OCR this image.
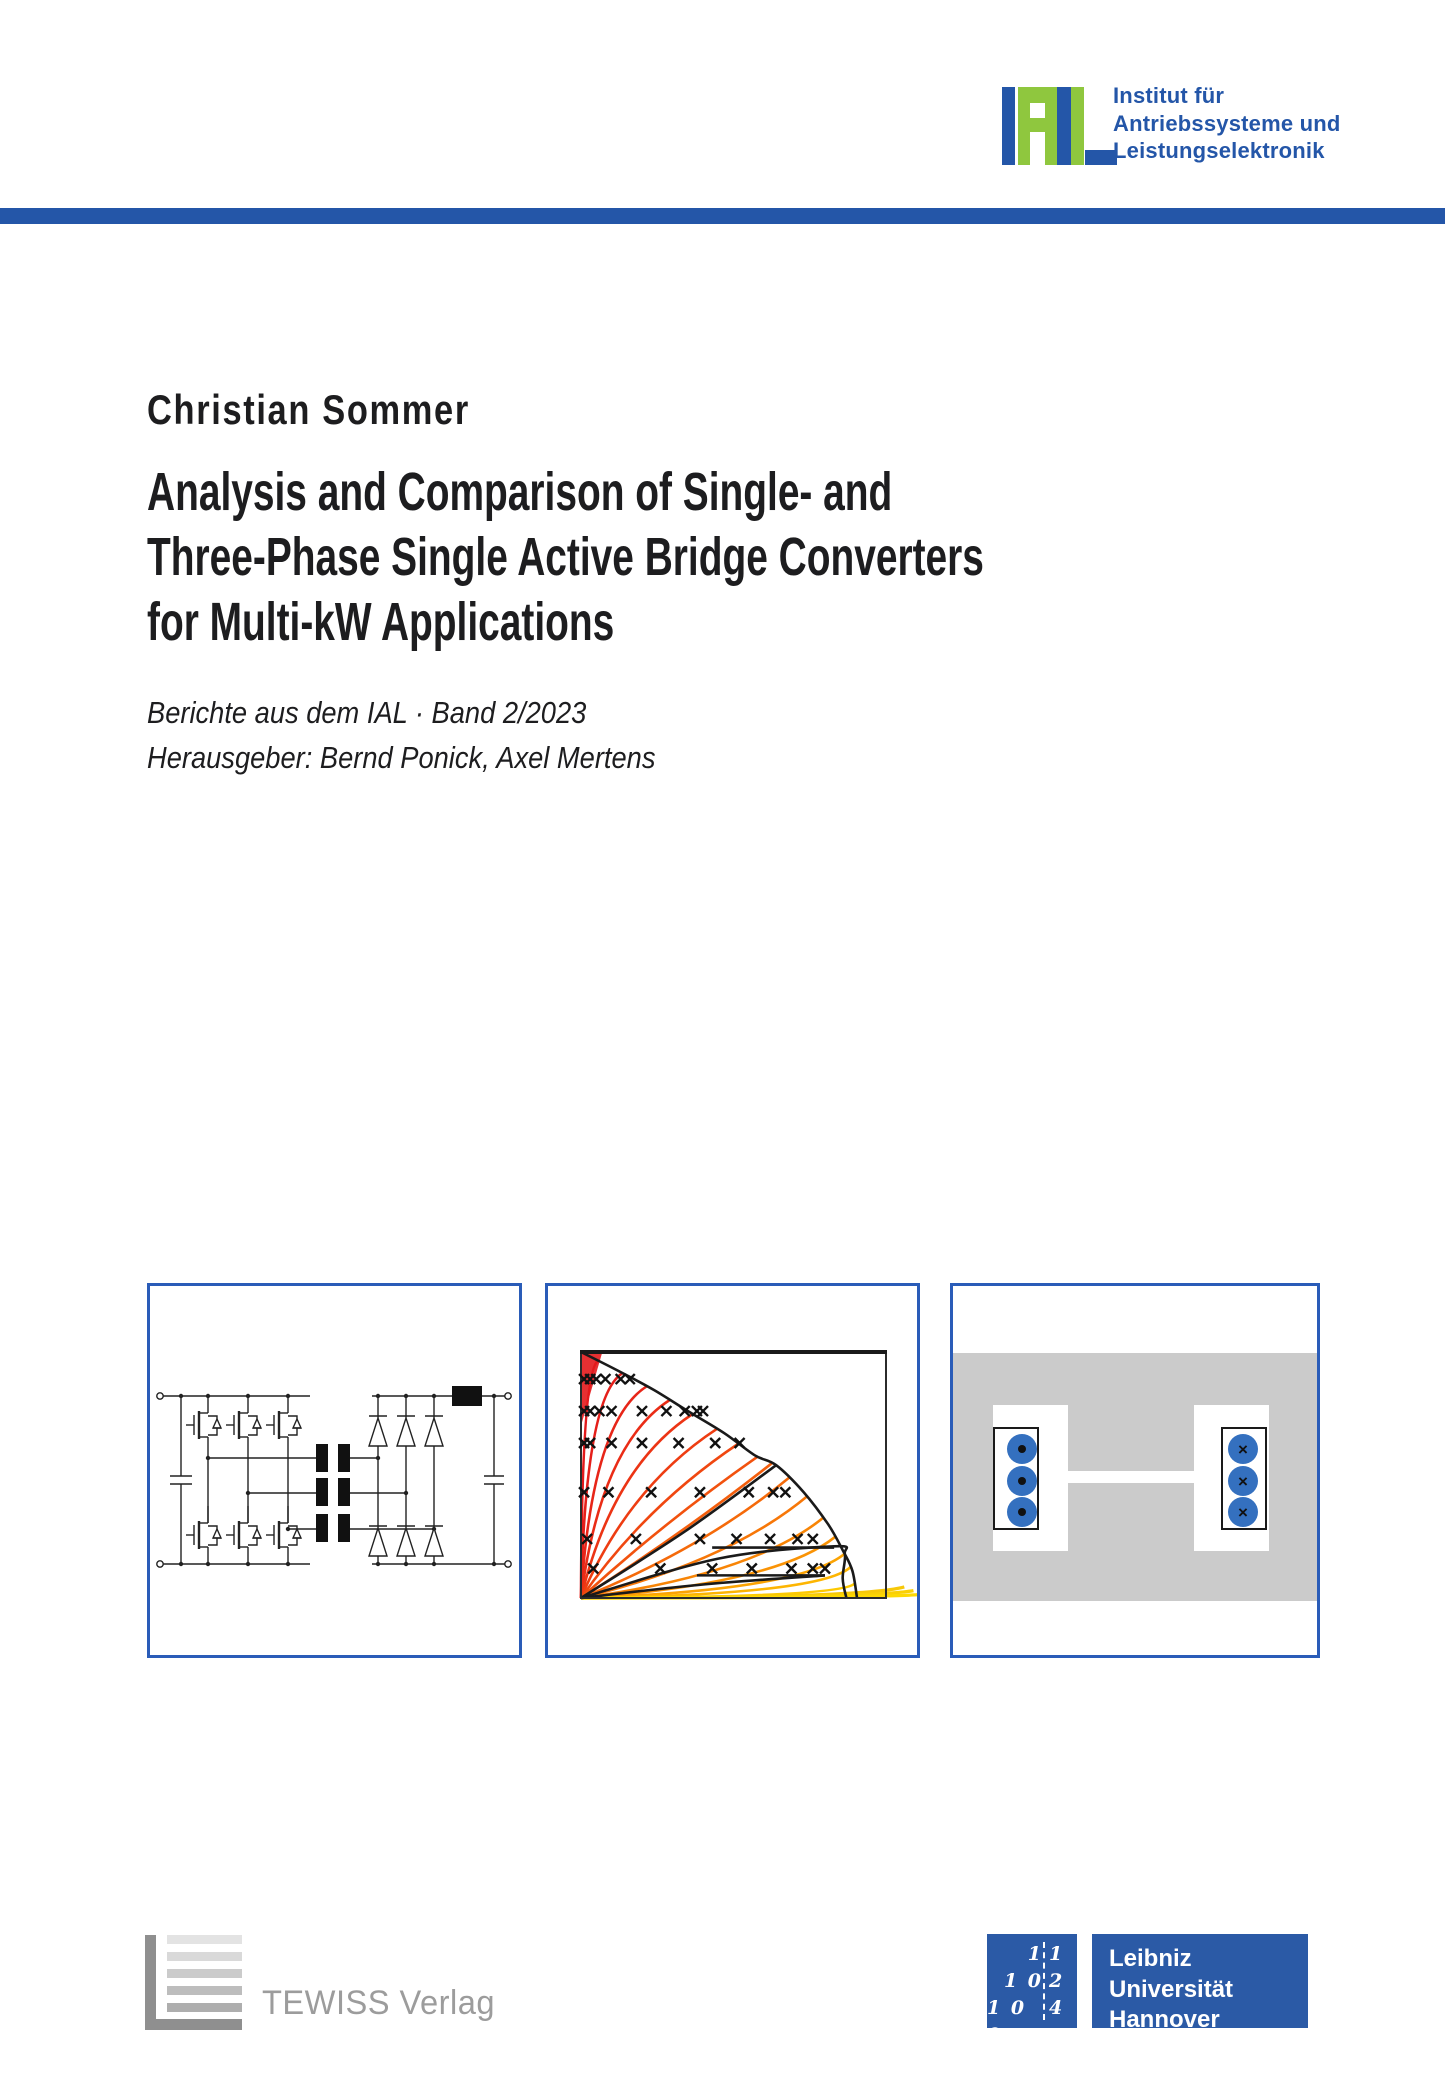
Institut für
Antriebssysteme und
Leistungselektronik
Christian Sommer
Analysis and Comparison of Single- and
Three-Phase Single Active Bridge Converters
for Multi-kW Applications
Berichte aus dem IAL · Band 2/2023
Herausgeber: Bernd Ponick, Axel Mertens
×
×
×
TEWISS Verlag
1 1
1 0 2
1 0 0
4
Leibniz
Universität
Hannover
